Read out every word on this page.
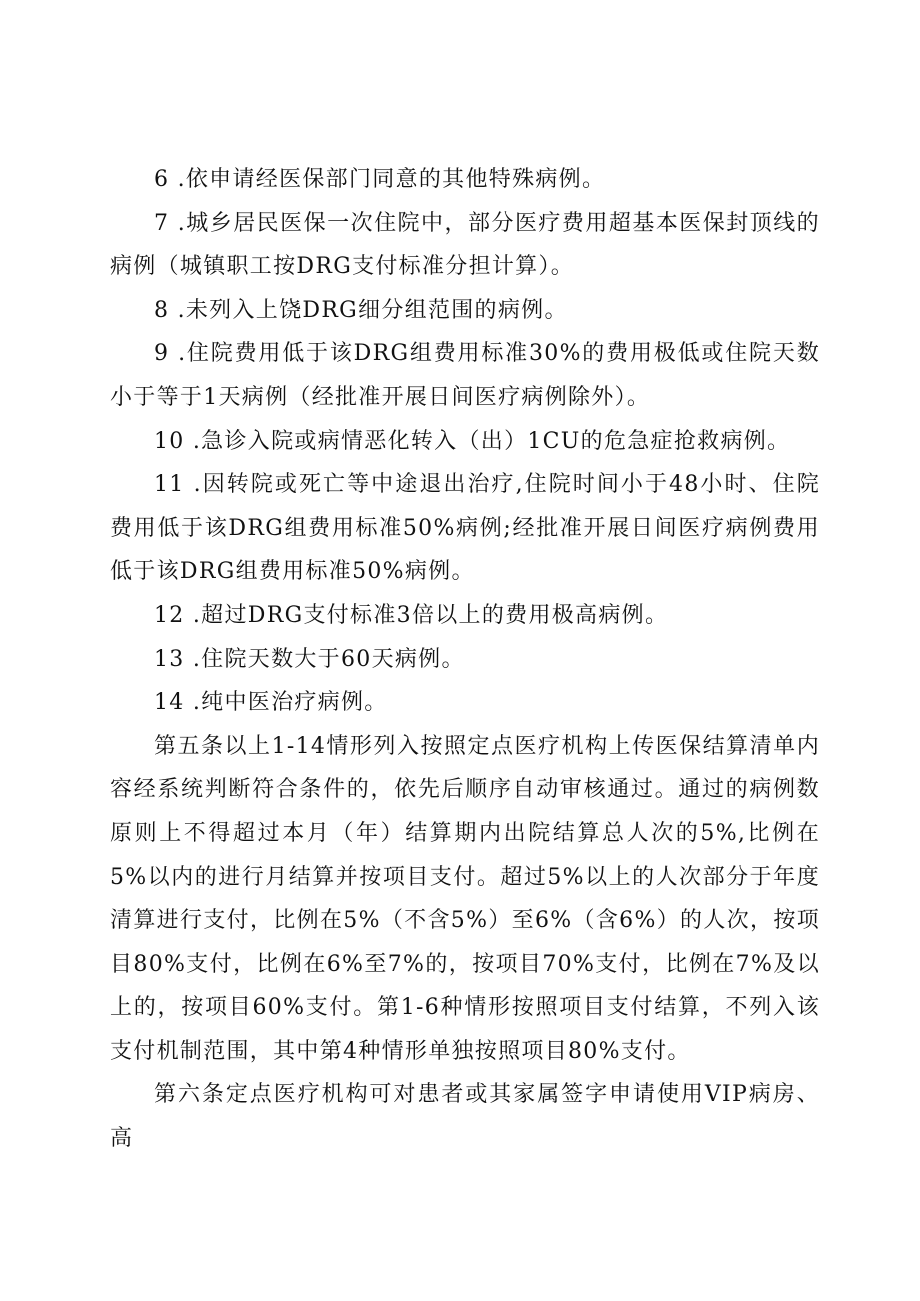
6 .依申请经医保部门同意的其他特殊病例。

7 .城乡居民医保一次住院中，部分医疗费用超基本医保封顶线的病例（城镇职工按DRG支付标准分担计算）。

8 .未列入上饶DRG细分组范围的病例。

9 .住院费用低于该DRG组费用标准30%的费用极低或住院天数小于等于1天病例（经批准开展日间医疗病例除外）。

10 .急诊入院或病情恶化转入（出）1CU的危急症抢救病例。

11 .因转院或死亡等中途退出治疗,住院时间小于48小时、住院费用低于该DRG组费用标准50%病例;经批准开展日间医疗病例费用低于该DRG组费用标准50%病例。

12 .超过DRG支付标准3倍以上的费用极高病例。

13 .住院天数大于60天病例。

14 .纯中医治疗病例。

第五条以上1-14情形列入按照定点医疗机构上传医保结算清单内容经系统判断符合条件的，依先后顺序自动审核通过。通过的病例数原则上不得超过本月（年）结算期内出院结算总人次的5%,比例在5%以内的进行月结算并按项目支付。超过5%以上的人次部分于年度清算进行支付，比例在5%（不含5%）至6%（含6%）的人次，按项目80%支付，比例在6%至7%的，按项目70%支付，比例在7%及以上的，按项目60%支付。第1-6种情形按照项目支付结算，不列入该支付机制范围，其中第4种情形单独按照项目80%支付。

第六条定点医疗机构可对患者或其家属签字申请使用VIP病房、高
